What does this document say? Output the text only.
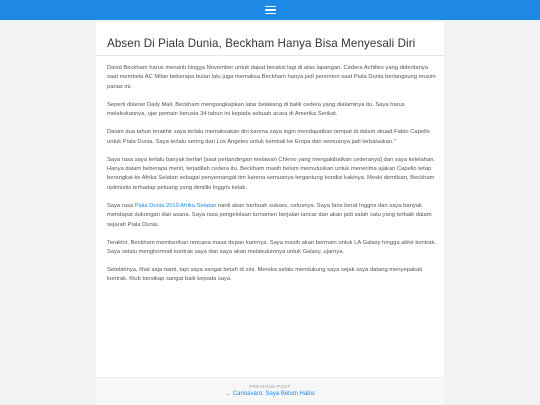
Absen Di Piala Dunia, Beckham Hanya Bisa Menyesali Diri

David Beckham harus menanti hingga November untuk dapat beraksi lagi di atas lapangan. Cedera Achilles yang dideritanya saat membela AC Milan beberapa bulan lalu juga memaksa Beckham hanya jadi penonton saat Piala Dunia berlangsung musim panas ini.

Seperti dilansir Daily Mail, Beckham mengungkapkan latar belakang di balik cedera yang dialaminya itu. Saya harus melakukannya, ujar pemain berusia 34 tahun ini kepada sebuah acara di Amerika Serikat.

Dalam dua tahun terakhir saya terlalu memaksakan diri karena saya ingin mendapatkan tempat di dalam skuad Fabio Capello untuk Piala Dunia. Saya terlalu sering dari Los Angeles untuk kembali ke Eropa dan semuanya jadi terbalaskan."

Saya rasa saya terlalu banyak berlari [saat pertandingan melawan Chievo yang mengakibatkan cederanya] dan saya kelelahan. Hanya dalam beberapa menit, terjadilah cedera itu. Beckham masih belum memutuskan untuk menerima ajakan Capello tetap berangkat ke Afrika Selatan sebagai penyemangat tim karena semuanya tergantung kondisi kakinya. Meski demikian, Beckham optimistis terhadap peluang yang dimiliki Inggris kelak.

Saya rasa Piala Dunia 2010 Afrika Selatan nanti akan berbuah sukses, cetusnya. Saya fans berat Inggris dan saya banyak mendapat dukungan dari asana. Saya rasa pengelolaan turnamen berjalan lancar dan akan jadi salah satu yang terbaik dalam sejarah Piala Dunia.

Terakhir, Beckham memberikan rencana masa depan karirnya. Saya masih akan bermain untuk LA Galaxy hingga akhir kontrak. Saya selalu menghormati kontrak saya dan saya akan melakukannya untuk Galaxy, ujarnya.

Setelahnya, lihat saja nanti, tapi saya sangat betah di sini. Mereka selalu mendukung saya sejak saya datang menyepakati kontrak. Klub bersikap sangat baik kepada saya.

PREVIOUS POST
← Cannavaro: Saya Belum Habis
